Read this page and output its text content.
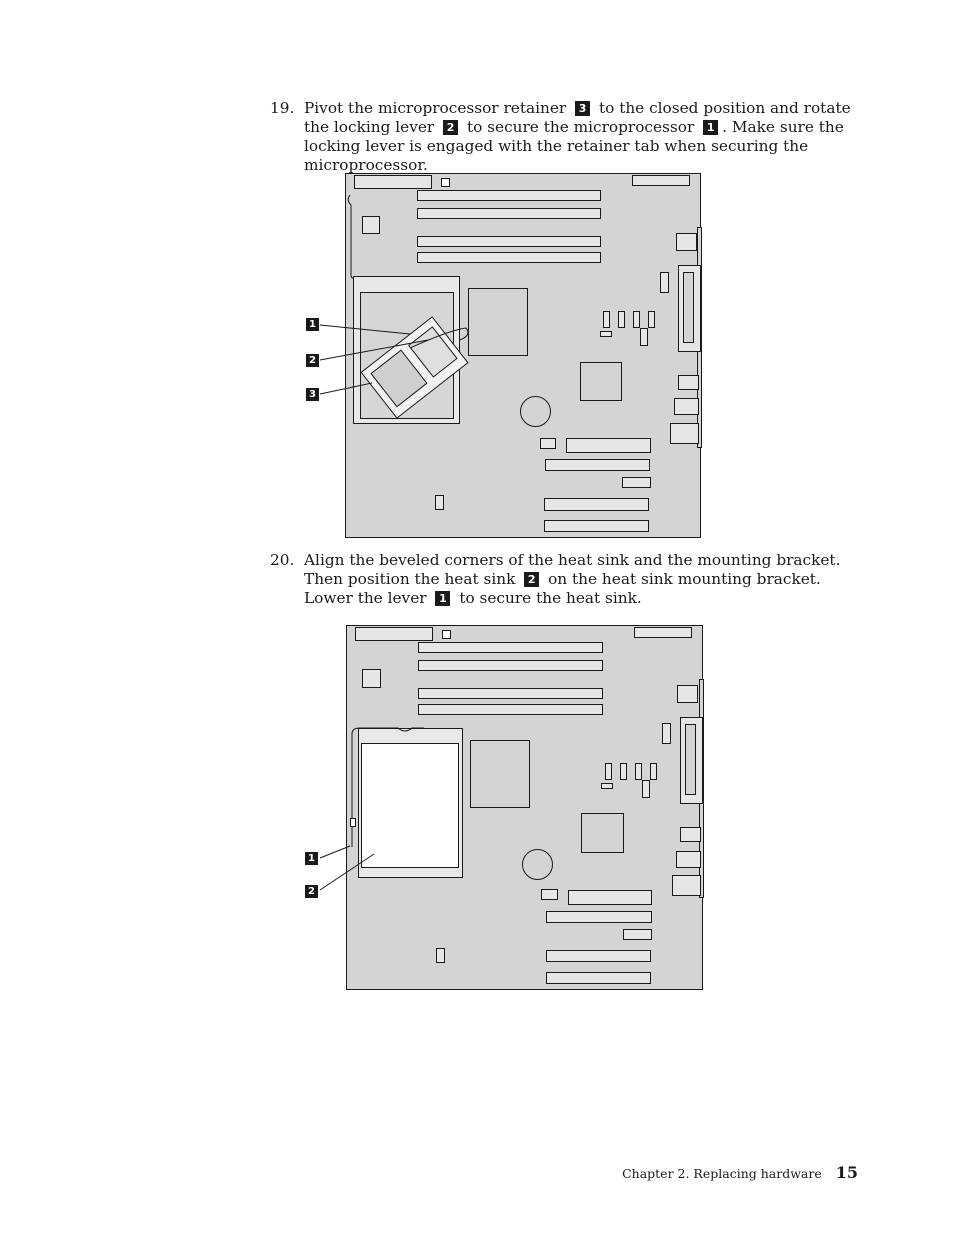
19. Pivot the microprocessor retainer 3 to the closed position and rotate the locking lever 2 to secure the microprocessor 1 . Make sure the locking lever is engaged with the retainer tab when securing the microprocessor.
1
2
3
20. Align the beveled corners of the heat sink and the mounting bracket. Then position the heat sink 2 on the heat sink mounting bracket. Lower the lever 1 to secure the heat sink.
1
2
Chapter 2. Replacing hardware 15
